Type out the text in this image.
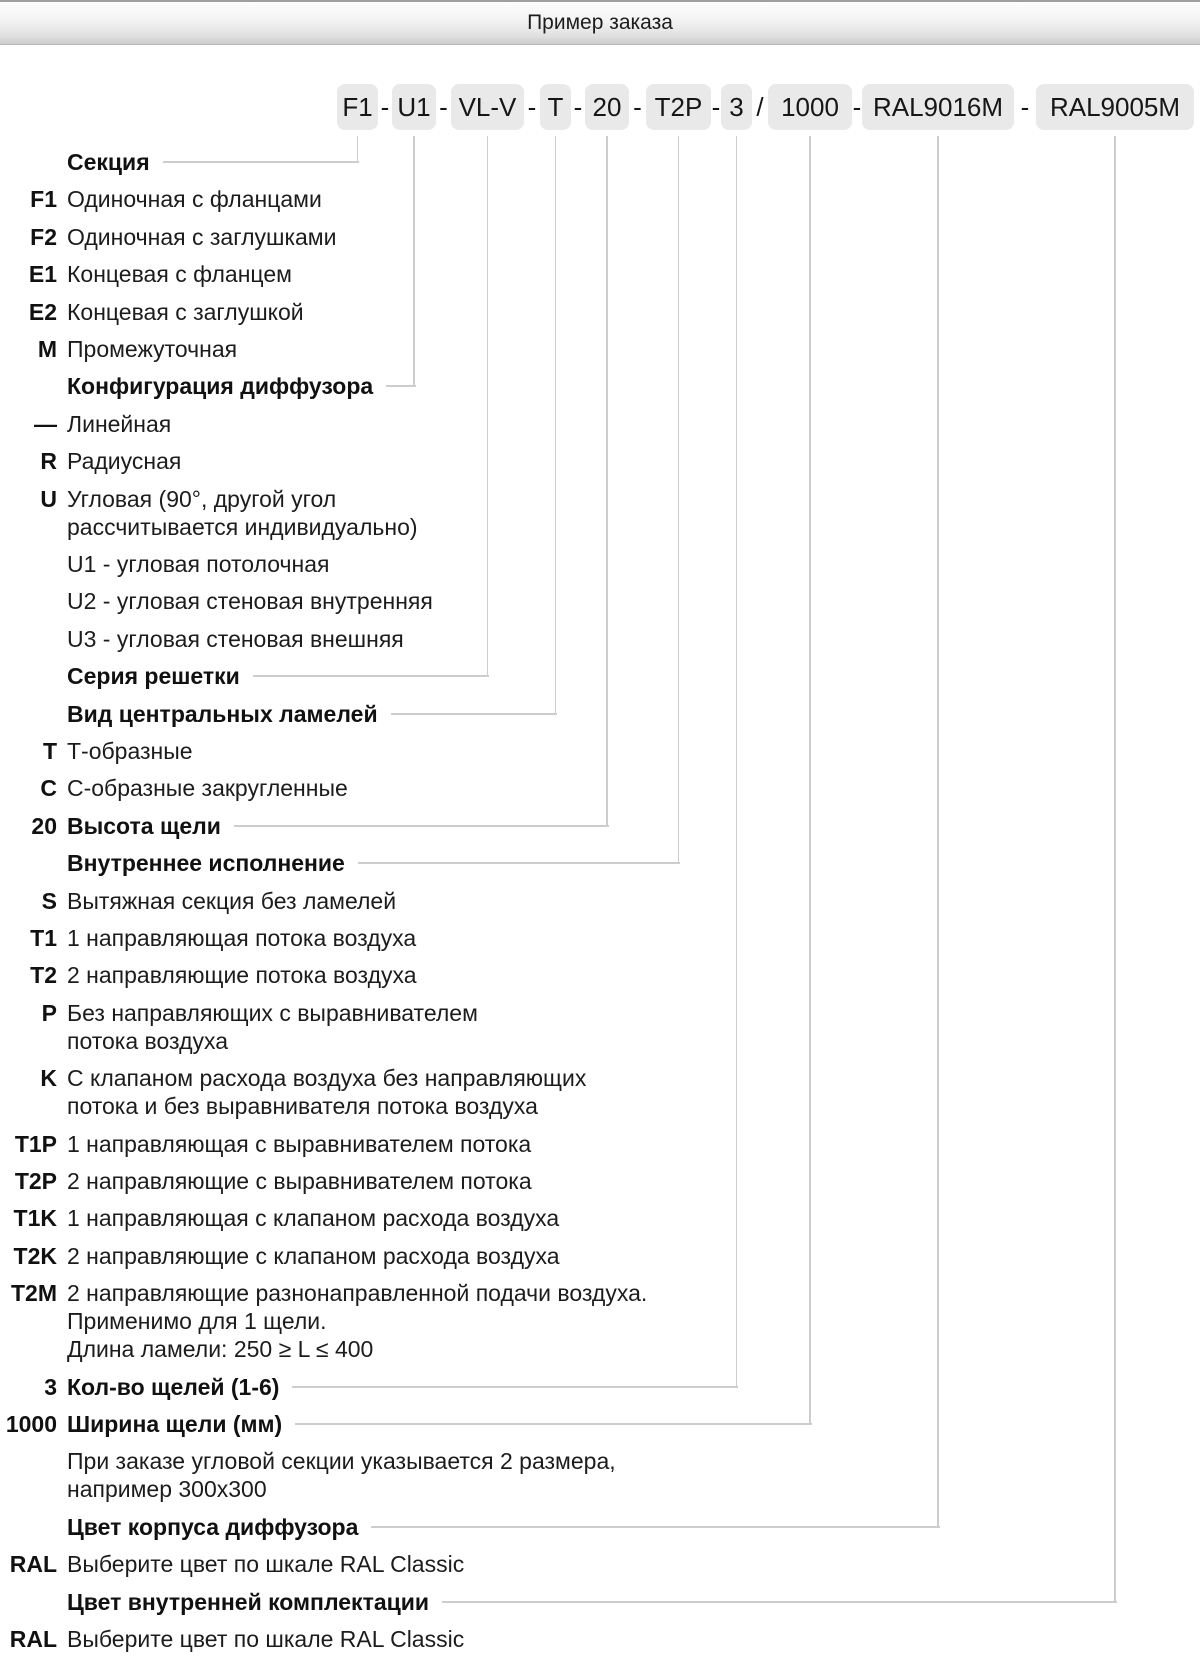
Пример заказа
F1 - U1 - VL-V - T - 20 - T2P - 3 / 1000 - RAL9016M - RAL9005M
Секция
F1 Одиночная с фланцами
F2 Одиночная с заглушками
E1 Концевая с фланцем
E2 Концевая с заглушкой
M Промежуточная
Конфигурация диффузора
— Линейная
R Радиусная
U Угловая (90°, другой угол
рассчитывается индивидуально)
U1 - угловая потолочная
U2 - угловая стеновая внутренняя
U3 - угловая стеновая внешняя
Серия решетки
Вид центральных ламелей
Т Т-образные
С С-образные закругленные
20 Высота щели
Внутреннее исполнение
S Вытяжная секция без ламелей
T1 1 направляющая потока воздуха
T2 2 направляющие потока воздуха
P Без направляющих с выравнивателем
потока воздуха
K С клапаном расхода воздуха без направляющих
потока и без выравнивателя потока воздуха
T1P 1 направляющая с выравнивателем потока
T2P 2 направляющие с выравнивателем потока
T1K 1 направляющая с клапаном расхода воздуха
T2K 2 направляющие с клапаном расхода воздуха
T2M 2 направляющие разнонаправленной подачи воздуха.
Применимо для 1 щели.
Длина ламели: 250 ≥ L ≤ 400
3 Кол-во щелей (1-6)
1000 Ширина щели (мм)
При заказе угловой секции указывается 2 размера,
например 300x300
Цвет корпуса диффузора
RAL Выберите цвет по шкале RAL Classic
Цвет внутренней комплектации
RAL Выберите цвет по шкале RAL Classic
